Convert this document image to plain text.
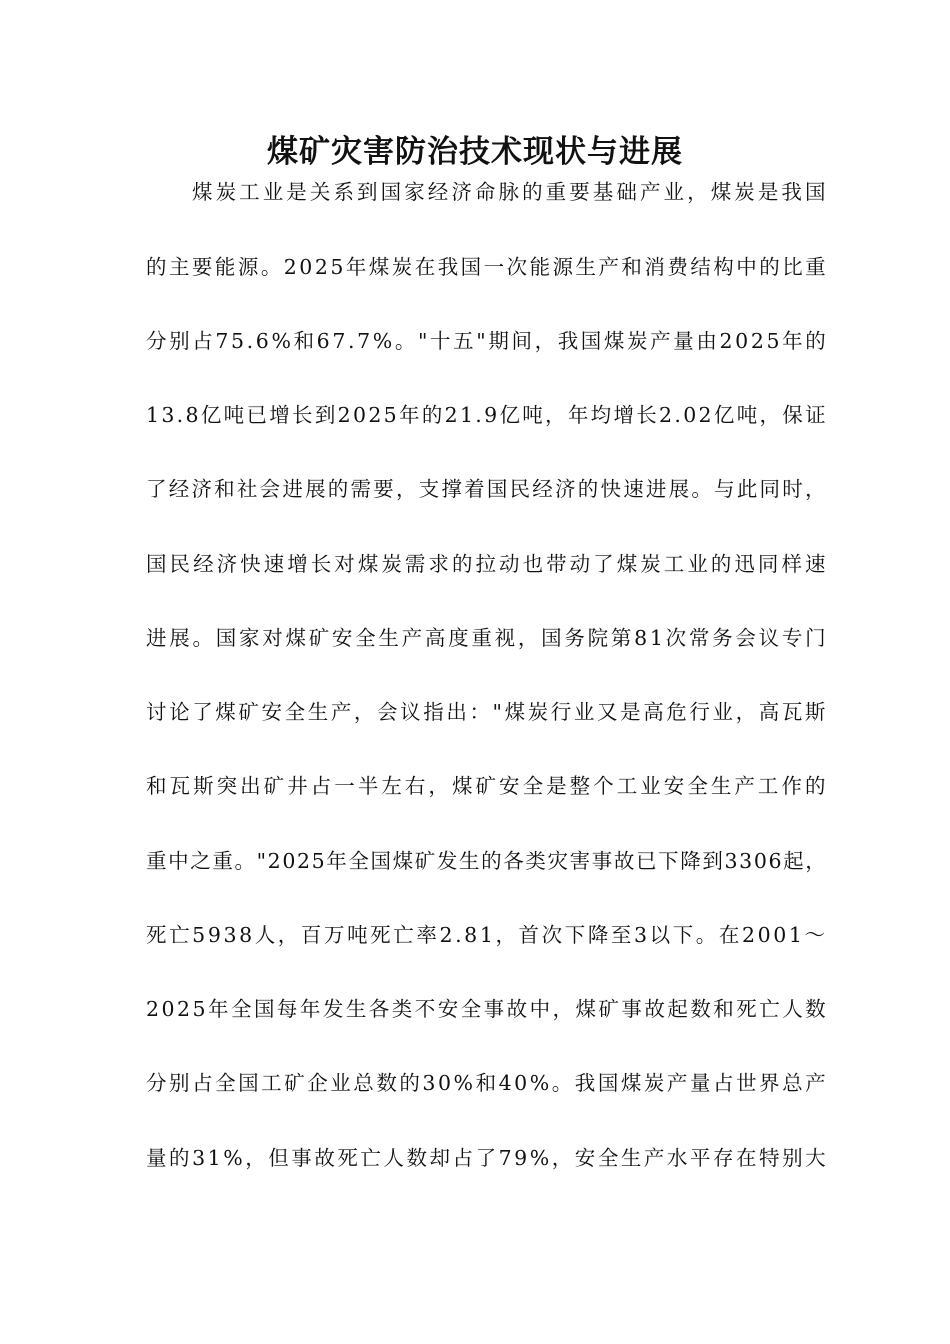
煤矿灾害防治技术现状与进展
煤炭工业是关系到国家经济命脉的重要基础产业，煤炭是我国
的主要能源。2025年煤炭在我国一次能源生产和消费结构中的比重
分别占75.6%和67.7%。"十五"期间，我国煤炭产量由2025年的
13.8亿吨已增长到2025年的21.9亿吨，年均增长2.02亿吨，保证
了经济和社会进展的需要，支撑着国民经济的快速进展。与此同时，
国民经济快速增长对煤炭需求的拉动也带动了煤炭工业的迅同样速
进展。国家对煤矿安全生产高度重视，国务院第81次常务会议专门
讨论了煤矿安全生产，会议指出："煤炭行业又是高危行业，高瓦斯
和瓦斯突出矿井占一半左右，煤矿安全是整个工业安全生产工作的
重中之重。"2025年全国煤矿发生的各类灾害事故已下降到3306起，
死亡5938人，百万吨死亡率2.81，首次下降至3以下。在2001～
2025年全国每年发生各类不安全事故中，煤矿事故起数和死亡人数
分别占全国工矿企业总数的30%和40%。我国煤炭产量占世界总产
量的31%，但事故死亡人数却占了79%，安全生产水平存在特别大
